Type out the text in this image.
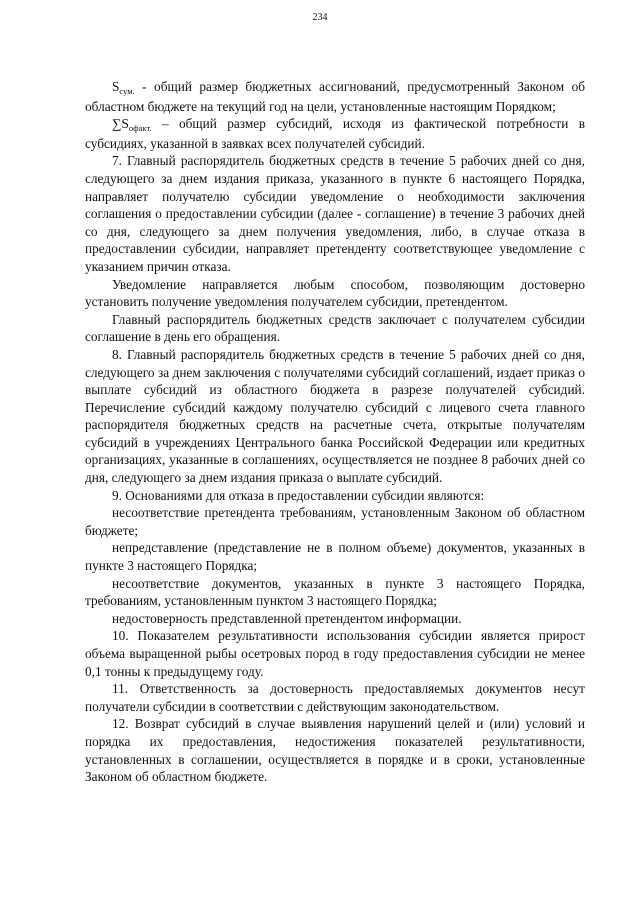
234

$S_{сум.}$ - общий размер бюджетных ассигнований, предусмотренный Законом об областном бюджете на текущий год на цели, установленные настоящим Порядком;

$\sum S_{офакт.}$ – общий размер субсидий, исходя из фактической потребности в субсидиях, указанной в заявках всех получателей субсидий.

7. Главный распорядитель бюджетных средств в течение 5 рабочих дней со дня, следующего за днем издания приказа, указанного в пункте 6 настоящего Порядка, направляет получателю субсидии уведомление о необходимости заключения соглашения о предоставлении субсидии (далее - соглашение) в течение 3 рабочих дней со дня, следующего за днем получения уведомления, либо, в случае отказа в предоставлении субсидии, направляет претенденту соответствующее уведомление с указанием причин отказа.

Уведомление направляется любым способом, позволяющим достоверно установить получение уведомления получателем субсидии, претендентом.

Главный распорядитель бюджетных средств заключает с получателем субсидии соглашение в день его обращения.

8. Главный распорядитель бюджетных средств в течение 5 рабочих дней со дня, следующего за днем заключения с получателями субсидий соглашений, издает приказ о выплате субсидий из областного бюджета в разрезе получателей субсидий. Перечисление субсидий каждому получателю субсидий с лицевого счета главного распорядителя бюджетных средств на расчетные счета, открытые получателям субсидий в учреждениях Центрального банка Российской Федерации или кредитных организациях, указанные в соглашениях, осуществляется не позднее 8 рабочих дней со дня, следующего за днем издания приказа о выплате субсидий.

9. Основаниями для отказа в предоставлении субсидии являются:

несоответствие претендента требованиям, установленным Законом об областном бюджете;

непредставление (представление не в полном объеме) документов, указанных в пункте 3 настоящего Порядка;

несоответствие документов, указанных в пункте 3 настоящего Порядка, требованиям, установленным пунктом 3 настоящего Порядка;

недостоверность представленной претендентом информации.

10. Показателем результативности использования субсидии является прирост объема выращенной рыбы осетровых пород в году предоставления субсидии не менее 0,1 тонны к предыдущему году.

11. Ответственность за достоверность предоставляемых документов несут получатели субсидии в соответствии с действующим законодательством.

12. Возврат субсидий в случае выявления нарушений целей и (или) условий и порядка их предоставления, недостижения показателей результативности, установленных в соглашении, осуществляется в порядке и в сроки, установленные Законом об областном бюджете.
